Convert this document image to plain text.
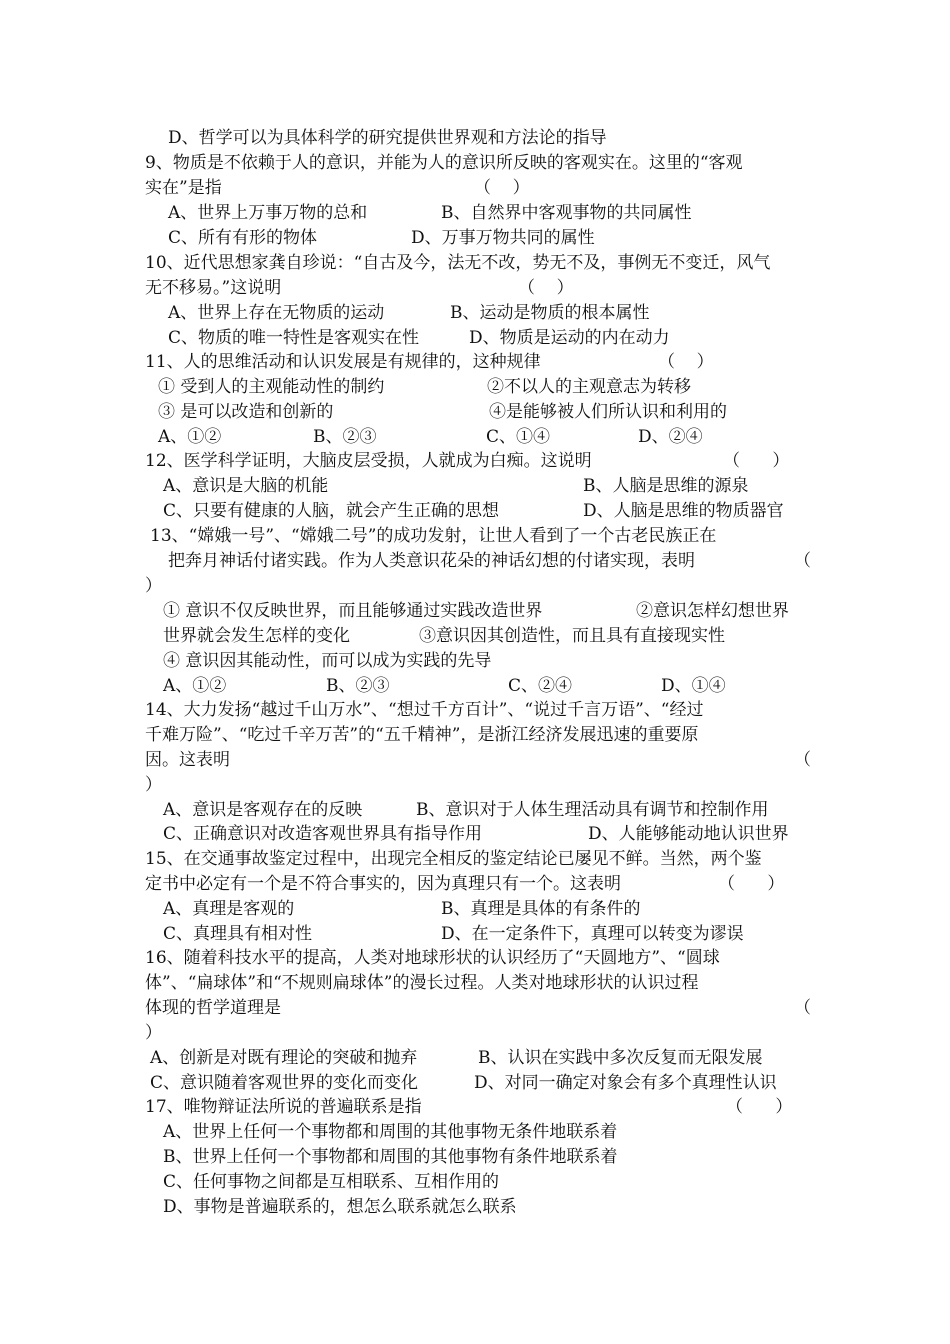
D、哲学可以为具体科学的研究提供世界观和方法论的指导
9、物质是不依赖于人的意识，并能为人的意识所反映的客观实在。这里的“客观
实在”是指	（    ）
A、世界上万事万物的总和	B、自然界中客观事物的共同属性
C、所有有形的物体	D、万事万物共同的属性
10、近代思想家龚自珍说：“自古及今，法无不改，势无不及，事例无不变迁，风气
无不移易。”这说明	（    ）
A、世界上存在无物质的运动	B、运动是物质的根本属性
C、物质的唯一特性是客观实在性	D、物质是运动的内在动力
11、人的思维活动和认识发展是有规律的，这种规律	（    ）
① 受到人的主观能动性的制约	②不以人的主观意志为转移
③ 是可以改造和创新的	④是能够被人们所认识和利用的
A、①②	B、②③	C、①④	D、②④
12、医学科学证明，大脑皮层受损，人就成为白痴。这说明	（      ）
A、意识是大脑的机能	B、人脑是思维的源泉
C、只要有健康的人脑，就会产生正确的思想	D、人脑是思维的物质器官
13、“嫦娥一号”、“嫦娥二号”的成功发射，让世人看到了一个古老民族正在
把奔月神话付诸实践。作为人类意识花朵的神话幻想的付诸实现，表明	（
）
① 意识不仅反映世界，而且能够通过实践改造世界	②意识怎样幻想世界
世界就会发生怎样的变化	③意识因其创造性，而且具有直接现实性
④ 意识因其能动性，而可以成为实践的先导
A、①②	B、②③	C、②④	D、①④
14、大力发扬“越过千山万水”、“想过千方百计”、“说过千言万语”、“经过
千难万险”、“吃过千辛万苦”的“五千精神”，是浙江经济发展迅速的重要原
因。这表明	（
）
A、意识是客观存在的反映	B、意识对于人体生理活动具有调节和控制作用
C、正确意识对改造客观世界具有指导作用	D、人能够能动地认识世界
15、在交通事故鉴定过程中，出现完全相反的鉴定结论已屡见不鲜。当然，两个鉴
定书中必定有一个是不符合事实的，因为真理只有一个。这表明	（      ）
A、真理是客观的	B、真理是具体的有条件的
C、真理具有相对性	D、在一定条件下，真理可以转变为谬误
16、随着科技水平的提高，人类对地球形状的认识经历了“天圆地方”、“圆球
体”、“扁球体”和“不规则扁球体”的漫长过程。人类对地球形状的认识过程
体现的哲学道理是	（
）
A、创新是对既有理论的突破和抛弃	B、认识在实践中多次反复而无限发展
C、意识随着客观世界的变化而变化	D、对同一确定对象会有多个真理性认识
17、唯物辩证法所说的普遍联系是指	（      ）
A、世界上任何一个事物都和周围的其他事物无条件地联系着
B、世界上任何一个事物都和周围的其他事物有条件地联系着
C、任何事物之间都是互相联系、互相作用的
D、事物是普遍联系的，想怎么联系就怎么联系
